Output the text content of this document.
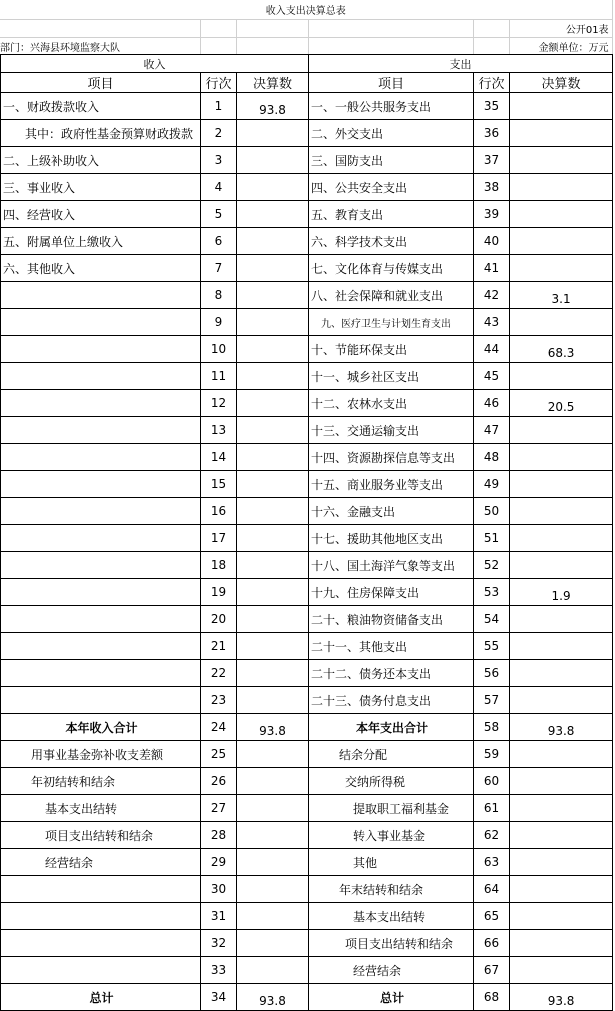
收入支出决算总表					
					公开01表
部门：兴海县环境监察大队					金额单位：万元
收入			支出		
项目	行次	决算数	项目	行次	决算数
一、财政拨款收入	1	93.8	一、一般公共服务支出	35	
其中：政府性基金预算财政拨款	2		二、外交支出	36	
二、上级补助收入	3		三、国防支出	37	
三、事业收入	4		四、公共安全支出	38	
四、经营收入	5		五、教育支出	39	
五、附属单位上缴收入	6		六、科学技术支出	40	
六、其他收入	7		七、文化体育与传媒支出	41	
	8		八、社会保障和就业支出	42	3.1
	9		九、医疗卫生与计划生育支出	43	
	10		十、节能环保支出	44	68.3
	11		十一、城乡社区支出	45	
	12		十二、农林水支出	46	20.5
	13		十三、交通运输支出	47	
	14		十四、资源勘探信息等支出	48	
	15		十五、商业服务业等支出	49	
	16		十六、金融支出	50	
	17		十七、援助其他地区支出	51	
	18		十八、国土海洋气象等支出	52	
	19		十九、住房保障支出	53	1.9
	20		二十、粮油物资储备支出	54	
	21		二十一、其他支出	55	
	22		二十二、债务还本支出	56	
	23		二十三、债务付息支出	57	
本年收入合计	24	93.8	本年支出合计	58	93.8
用事业基金弥补收支差额	25		结余分配	59	
年初结转和结余	26		交纳所得税	60	
基本支出结转	27		提取职工福利基金	61	
项目支出结转和结余	28		转入事业基金	62	
经营结余	29		其他	63	
	30		年末结转和结余	64	
	31		基本支出结转	65	
	32		项目支出结转和结余	66	
	33		经营结余	67	
总计	34	93.8	总计	68	93.8
